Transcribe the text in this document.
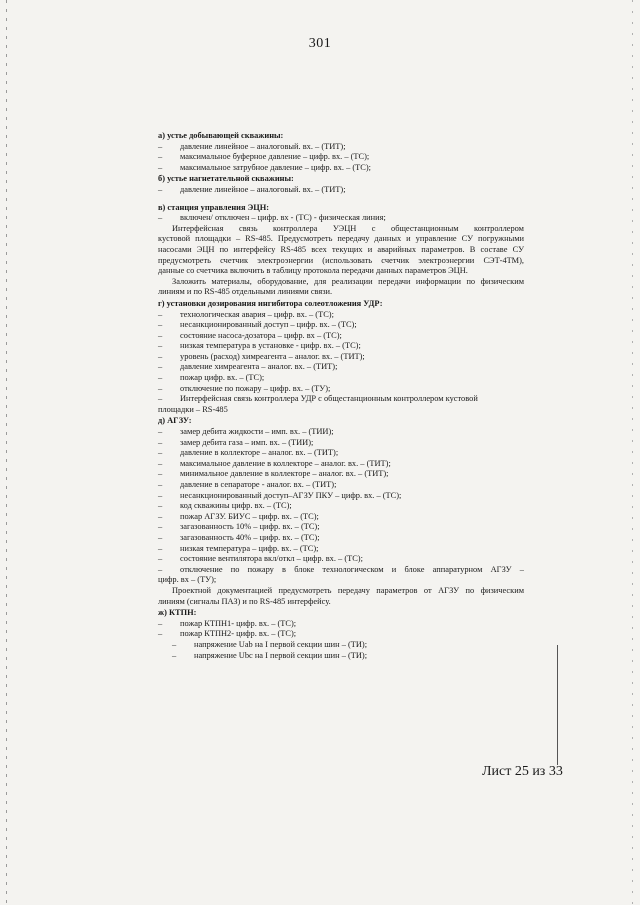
301
а) устье добывающей скважины:
– давление линейное – аналоговый. вх. – (ТИТ);
– максимальное буферное давление – цифр. вх. – (ТС);
– максимальное затрубное давление – цифр. вх. – (ТС);
б) устье нагнетательной скважины:
– давление линейное – аналоговый. вх. – (ТИТ);
в) станция управления ЭЦН:
– включен/ отключен – цифр. вх - (ТС) - физическая линия;
Интерфейсная связь контроллера УЭЦН с общестанционным контроллером
кустовой площадки – RS-485. Предусмотреть передачу данных и управление СУ погружными
насосами ЭЦН по интерфейсу RS-485 всех текущих и аварийных параметров. В составе СУ
предусмотреть счетчик электроэнергии (использовать счетчик электроэнергии СЭТ-4ТМ),
данные со счетчика включить в таблицу протокола передачи данных параметров ЭЦН.
Заложить материалы, оборудование, для реализации передачи информации по физическим
линиям и по RS-485 отдельными линиями связи.
г) установки дозирования ингибитора солеотложения УДР:
– технологическая авария – цифр. вх. – (ТС);
– несанкционированный доступ – цифр. вх. – (ТС);
– состояние насоса-дозатора – цифр. вх – (ТС);
– низкая температура в установке - цифр. вх. – (ТС);
– уровень (расход) химреагента – аналог. вх. – (ТИТ);
– давление химреагента – аналог. вх. – (ТИТ);
– пожар цифр. вх. – (ТС);
– отключение по пожару – цифр. вх. – (ТУ);
– Интерфейсная связь контроллера УДР с общестанционным контроллером кустовой
площадки – RS-485
д) АГЗУ:
– замер дебита жидкости – имп. вх. – (ТИИ);
– замер дебита газа – имп. вх. – (ТИИ);
– давление в коллекторе – аналог. вх. – (ТИТ);
– максимальное давление в коллекторе – аналог. вх. – (ТИТ);
– минимальное давление в коллекторе – аналог. вх. – (ТИТ);
– давление в сепараторе - аналог. вх. – (ТИТ);
– несанкционированный доступ–АГЗУ ПКУ – цифр. вх. – (ТС);
– код скважины цифр. вх. – (ТС);
– пожар АГЗУ. БИУС – цифр. вх. – (ТС);
– загазованность 10% – цифр. вх. – (ТС);
– загазованность 40% – цифр. вх. – (ТС);
– низкая температура – цифр. вх. – (ТС);
– состояние вентилятора вкл/откл – цифр. вх. – (ТС);
– отключение по пожару в блоке технологическом и блоке аппаратурном АГЗУ –
цифр. вх – (ТУ);
Проектной документацией предусмотреть передачу параметров от АГЗУ по физическим
линиям (сигналы ПАЗ) и по RS-485 интерфейсу.
ж) КТПН:
– пожар КТПН1- цифр. вх. – (ТС);
– пожар КТПН2- цифр. вх. – (ТС);
– напряжение Uab на I первой секции шин – (ТИ);
– напряжение Ubc на I первой секции шин – (ТИ);
Лист 25 из 33
